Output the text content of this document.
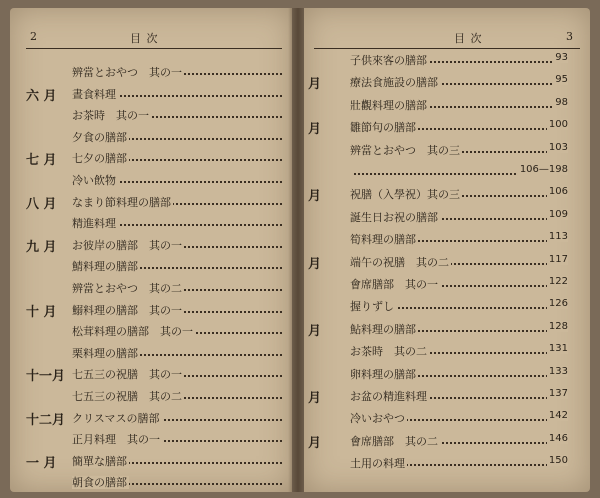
2	目 次
辨當とおやつ　其の一
六 月 晝食料理
お茶時　其の一
夕食の膳部
七 月 七夕の膳部
冷い飲物
八 月 なまり節料理の膳部
精進料理
九 月 お彼岸の膳部　其の一
鯖料理の膳部
辨當とおやつ　其の二
十 月 鰯料理の膳部　其の一
松茸料理の膳部　其の一
栗料理の膳部
十一月 七五三の祝膳　其の一
七五三の祝膳　其の二
十二月 クリスマスの膳部
正月料理　其の一
一 月 簡單な膳部
朝食の膳部
目 次	3
子供來客の膳部	93
月	療法食施設の膳部	95
壯觀料理の膳部	98
月	雛節句の膳部	100
辨當とおやつ　其の三	103
106—198
月	祝膳（入學祝）其の三	106
誕生日お祝の膳部	109
筍料理の膳部	113
月	端午の祝膳　其の二	117
會席膳部　其の一	122
握りずし	126
月	鮎料理の膳部	128
お茶時　其の二	131
卵料理の膳部	133
月	お盆の精進料理	137
冷いおやつ	142
月	會席膳部　其の二	146
土用の料理	150
